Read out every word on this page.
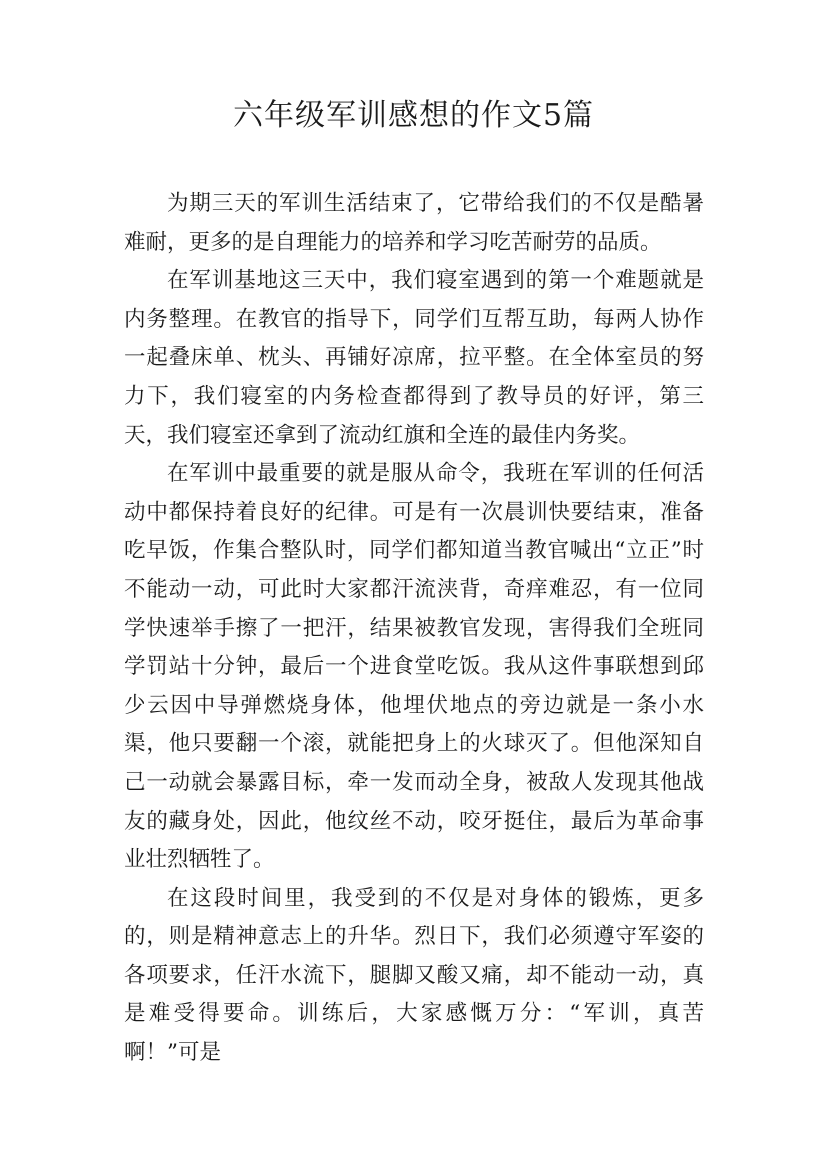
六年级军训感想的作文5篇

为期三天的军训生活结束了，它带给我们的不仅是酷暑难耐，更多的是自理能力的培养和学习吃苦耐劳的品质。

在军训基地这三天中，我们寝室遇到的第一个难题就是内务整理。在教官的指导下，同学们互帮互助，每两人协作一起叠床单、枕头、再铺好凉席，拉平整。在全体室员的努力下，我们寝室的内务检查都得到了教导员的好评，第三天，我们寝室还拿到了流动红旗和全连的最佳内务奖。

在军训中最重要的就是服从命令，我班在军训的任何活动中都保持着良好的纪律。可是有一次晨训快要结束，准备吃早饭，作集合整队时，同学们都知道当教官喊出“立正”时不能动一动，可此时大家都汗流浃背，奇痒难忍，有一位同学快速举手擦了一把汗，结果被教官发现，害得我们全班同学罚站十分钟，最后一个进食堂吃饭。我从这件事联想到邱少云因中导弹燃烧身体，他埋伏地点的旁边就是一条小水渠，他只要翻一个滚，就能把身上的火球灭了。但他深知自己一动就会暴露目标，牵一发而动全身，被敌人发现其他战友的藏身处，因此，他纹丝不动，咬牙挺住，最后为革命事业壮烈牺牲了。

在这段时间里，我受到的不仅是对身体的锻炼，更多的，则是精神意志上的升华。烈日下，我们必须遵守军姿的各项要求，任汗水流下，腿脚又酸又痛，却不能动一动，真是难受得要命。训练后，大家感慨万分：“军训，真苦啊！”可是
